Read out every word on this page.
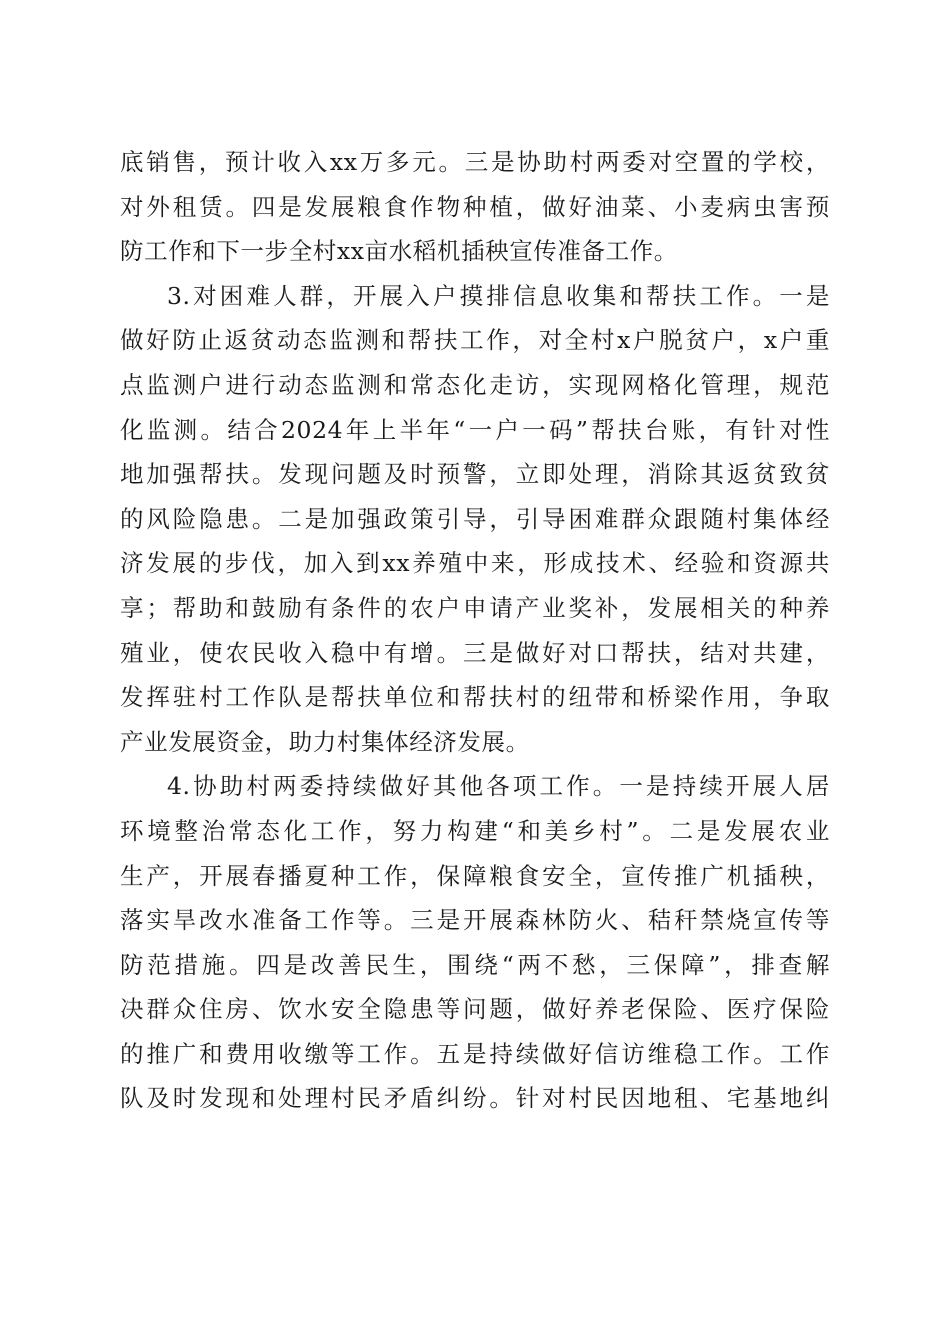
底销售，预计收入xx万多元。三是协助村两委对空置的学校，
对外租赁。四是发展粮食作物种植，做好油菜、小麦病虫害预
防工作和下一步全村xx亩水稻机插秧宣传准备工作。
3.对困难人群，开展入户摸排信息收集和帮扶工作。一是
做好防止返贫动态监测和帮扶工作，对全村x户脱贫户，x户重
点监测户进行动态监测和常态化走访，实现网格化管理，规范
化监测。结合2024年上半年“一户一码”帮扶台账，有针对性
地加强帮扶。发现问题及时预警，立即处理，消除其返贫致贫
的风险隐患。二是加强政策引导，引导困难群众跟随村集体经
济发展的步伐，加入到xx养殖中来，形成技术、经验和资源共
享；帮助和鼓励有条件的农户申请产业奖补，发展相关的种养
殖业，使农民收入稳中有增。三是做好对口帮扶，结对共建，
发挥驻村工作队是帮扶单位和帮扶村的纽带和桥梁作用，争取
产业发展资金，助力村集体经济发展。
4.协助村两委持续做好其他各项工作。一是持续开展人居
环境整治常态化工作，努力构建“和美乡村”。二是发展农业
生产，开展春播夏种工作，保障粮食安全，宣传推广机插秧，
落实旱改水准备工作等。三是开展森林防火、秸秆禁烧宣传等
防范措施。四是改善民生，围绕“两不愁，三保障”，排查解
决群众住房、饮水安全隐患等问题，做好养老保险、医疗保险
的推广和费用收缴等工作。五是持续做好信访维稳工作。工作
队及时发现和处理村民矛盾纠纷。针对村民因地租、宅基地纠
